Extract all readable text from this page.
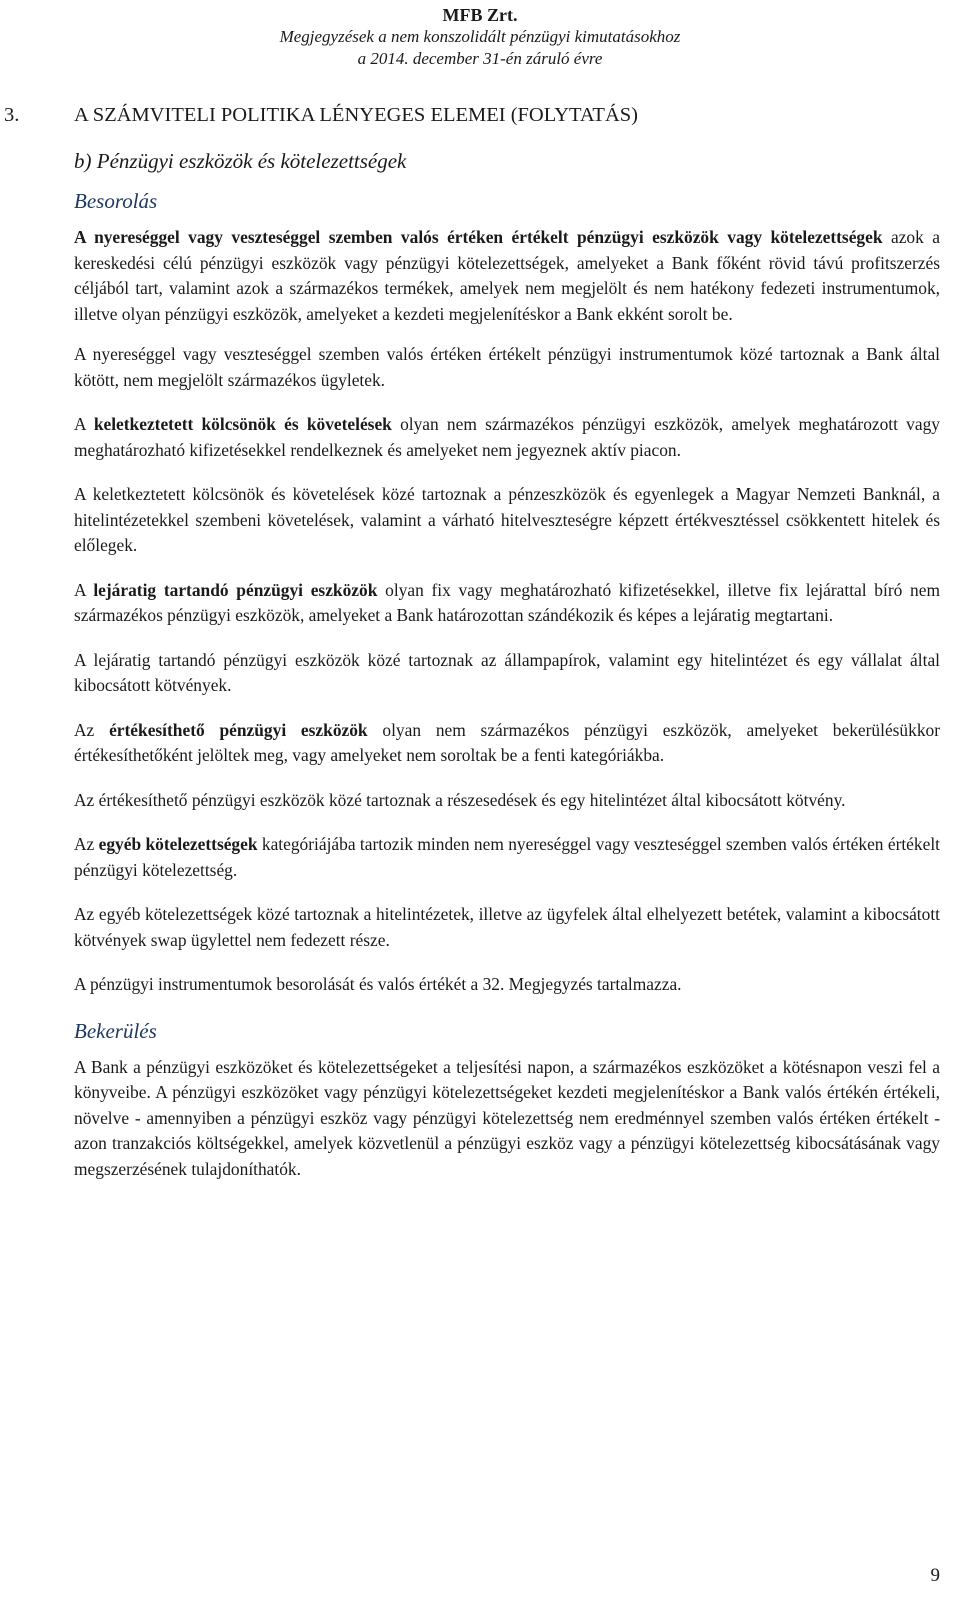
MFB Zrt.
Megjegyzések a nem konszolidált pénzügyi kimutatásokhoz
a 2014. december 31-én záruló évre
3.	A SZÁMVITELI POLITIKA LÉNYEGES ELEMEI (FOLYTATÁS)
b) Pénzügyi eszközök és kötelezettségek
Besorolás

A nyereséggel vagy veszteséggel szemben valós értéken értékelt pénzügyi eszközök vagy kötelezettségek azok a kereskedési célú pénzügyi eszközök vagy pénzügyi kötelezettségek, amelyeket a Bank főként rövid távú profitszerzés céljából tart, valamint azok a származékos termékek, amelyek nem megjelölt és nem hatékony fedezeti instrumentumok, illetve olyan pénzügyi eszközök, amelyeket a kezdeti megjelenítéskor a Bank ekként sorolt be.

A nyereséggel vagy veszteséggel szemben valós értéken értékelt pénzügyi instrumentumok közé tartoznak a Bank által kötött, nem megjelölt származékos ügyletek.

A keletkeztetett kölcsönök és követelések olyan nem származékos pénzügyi eszközök, amelyek meghatározott vagy meghatározható kifizetésekkel rendelkeznek és amelyeket nem jegyeznek aktív piacon.

A keletkeztetett kölcsönök és követelések közé tartoznak a pénzeszközök és egyenlegek a Magyar Nemzeti Banknál, a hitelintézetekkel szembeni követelések, valamint a várható hitelveszteségre képzett értékvesztéssel csökkentett hitelek és előlegek.

A lejáratig tartandó pénzügyi eszközök olyan fix vagy meghatározható kifizetésekkel, illetve fix lejárattal bíró nem származékos pénzügyi eszközök, amelyeket a Bank határozottan szándékozik és képes a lejáratig megtartani.

A lejáratig tartandó pénzügyi eszközök közé tartoznak az állampapírok, valamint egy hitelintézet és egy vállalat által kibocsátott kötvények.

Az értékesíthető pénzügyi eszközök olyan nem származékos pénzügyi eszközök, amelyeket bekerülésükkor értékesíthetőként jelöltek meg, vagy amelyeket nem soroltak be a fenti kategóriákba.

Az értékesíthető pénzügyi eszközök közé tartoznak a részesedések és egy hitelintézet által kibocsátott kötvény.

Az egyéb kötelezettségek kategóriájába tartozik minden nem nyereséggel vagy veszteséggel szemben valós értéken értékelt pénzügyi kötelezettség.

Az egyéb kötelezettségek közé tartoznak a hitelintézetek, illetve az ügyfelek által elhelyezett betétek, valamint a kibocsátott kötvények swap ügylettel nem fedezett része.

A pénzügyi instrumentumok besorolását és valós értékét a 32. Megjegyzés tartalmazza.

Bekerülés

A Bank a pénzügyi eszközöket és kötelezettségeket a teljesítési napon, a származékos eszközöket a kötésnapon veszi fel a könyveibe. A pénzügyi eszközöket vagy pénzügyi kötelezettségeket kezdeti megjelenítéskor a Bank valós értékén értékeli, növelve - amennyiben a pénzügyi eszköz vagy pénzügyi kötelezettség nem eredménnyel szemben valós értéken értékelt - azon tranzakciós költségekkel, amelyek közvetlenül a pénzügyi eszköz vagy a pénzügyi kötelezettség kibocsátásának vagy megszerzésének tulajdoníthatók.

9
